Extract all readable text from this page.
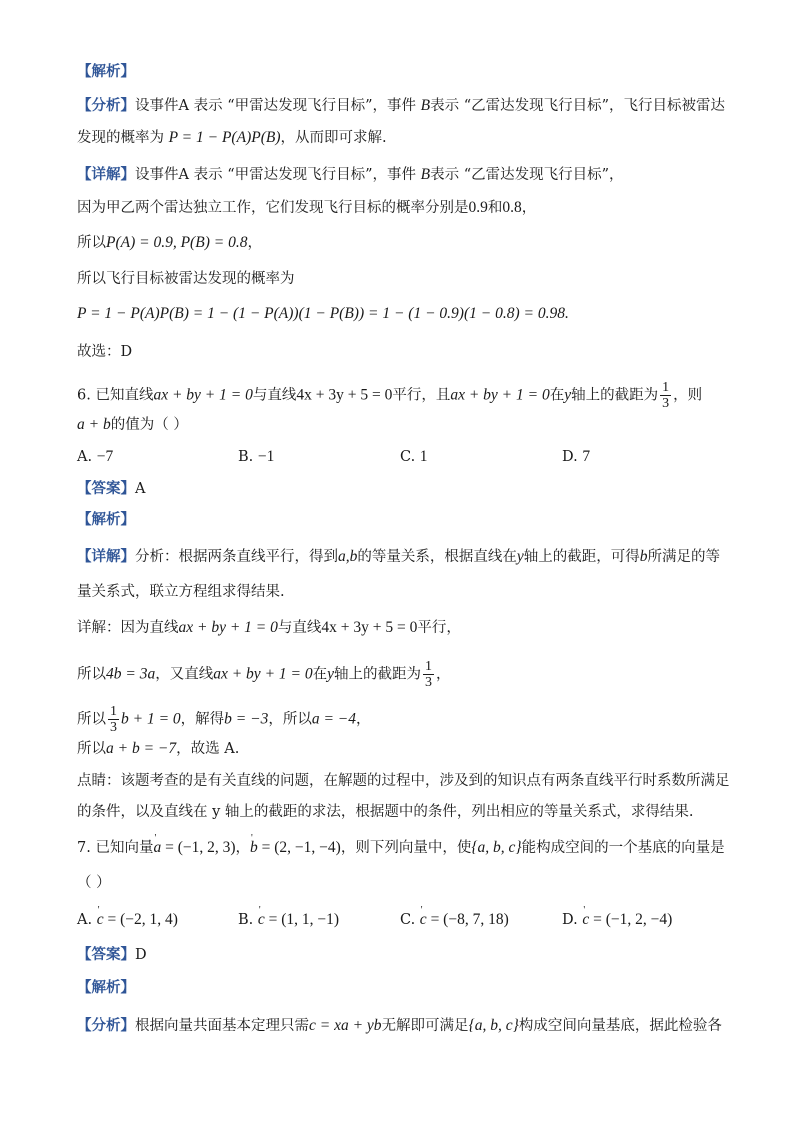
【解析】
【分析】设事件A 表示 “甲雷达发现飞行目标”，事件 B表示 “乙雷达发现飞行目标”，飞行目标被雷达
发现的概率为 P = 1 − P(A)P(B)，从而即可求解.
【详解】设事件A 表示 “甲雷达发现飞行目标”，事件 B表示 “乙雷达发现飞行目标”，
因为甲乙两个雷达独立工作，它们发现飞行目标的概率分别是0.9和0.8，
所以P(A) = 0.9, P(B) = 0.8，
所以飞行目标被雷达发现的概率为
P = 1 − P(A)P(B) = 1 − (1 − P(A))(1 − P(B)) = 1 − (1 − 0.9)(1 − 0.8) = 0.98.
故选：D
6. 已知直线ax + by + 1 = 0与直线4x + 3y + 5 = 0平行，且ax + by + 1 = 0在y轴上的截距为 $\frac{1}{3}$ ，则
a + b的值为（ ）
A. −7	B. −1	C. 1	D. 7
【答案】A
【解析】
【详解】分析：根据两条直线平行，得到a,b的等量关系，根据直线在y轴上的截距，可得b所满足的等
量关系式，联立方程组求得结果.
详解：因为直线ax + by + 1 = 0与直线4x + 3y + 5 = 0平行，
所以4b = 3a，又直线ax + by + 1 = 0在y轴上的截距为 $\frac{1}{3}$ ，
所以 $\frac{1}{3}$ b + 1 = 0，解得b = −3，所以a = −4，
所以a + b = −7，故选 A.
点睛：该题考查的是有关直线的问题，在解题的过程中，涉及到的知识点有两条直线平行时系数所满足
的条件，以及直线在 y 轴上的截距的求法，根据题中的条件，列出相应的等量关系式，求得结果.
7. 已知向量' a = (−1, 2, 3)，' b = (2, −1, −4)，则下列向量中，使{a, b, c}能构成空间的一个基底的向量是
（ ）
A. ' c = (−2, 1, 4)	B. ' c = (1, 1, −1)	C. ' c = (−8, 7, 18)	D. ' c = (−1, 2, −4)
【答案】D
【解析】
【分析】根据向量共面基本定理只需c = xa + yb无解即可满足{a, b, c}构成空间向量基底，据此检验各
